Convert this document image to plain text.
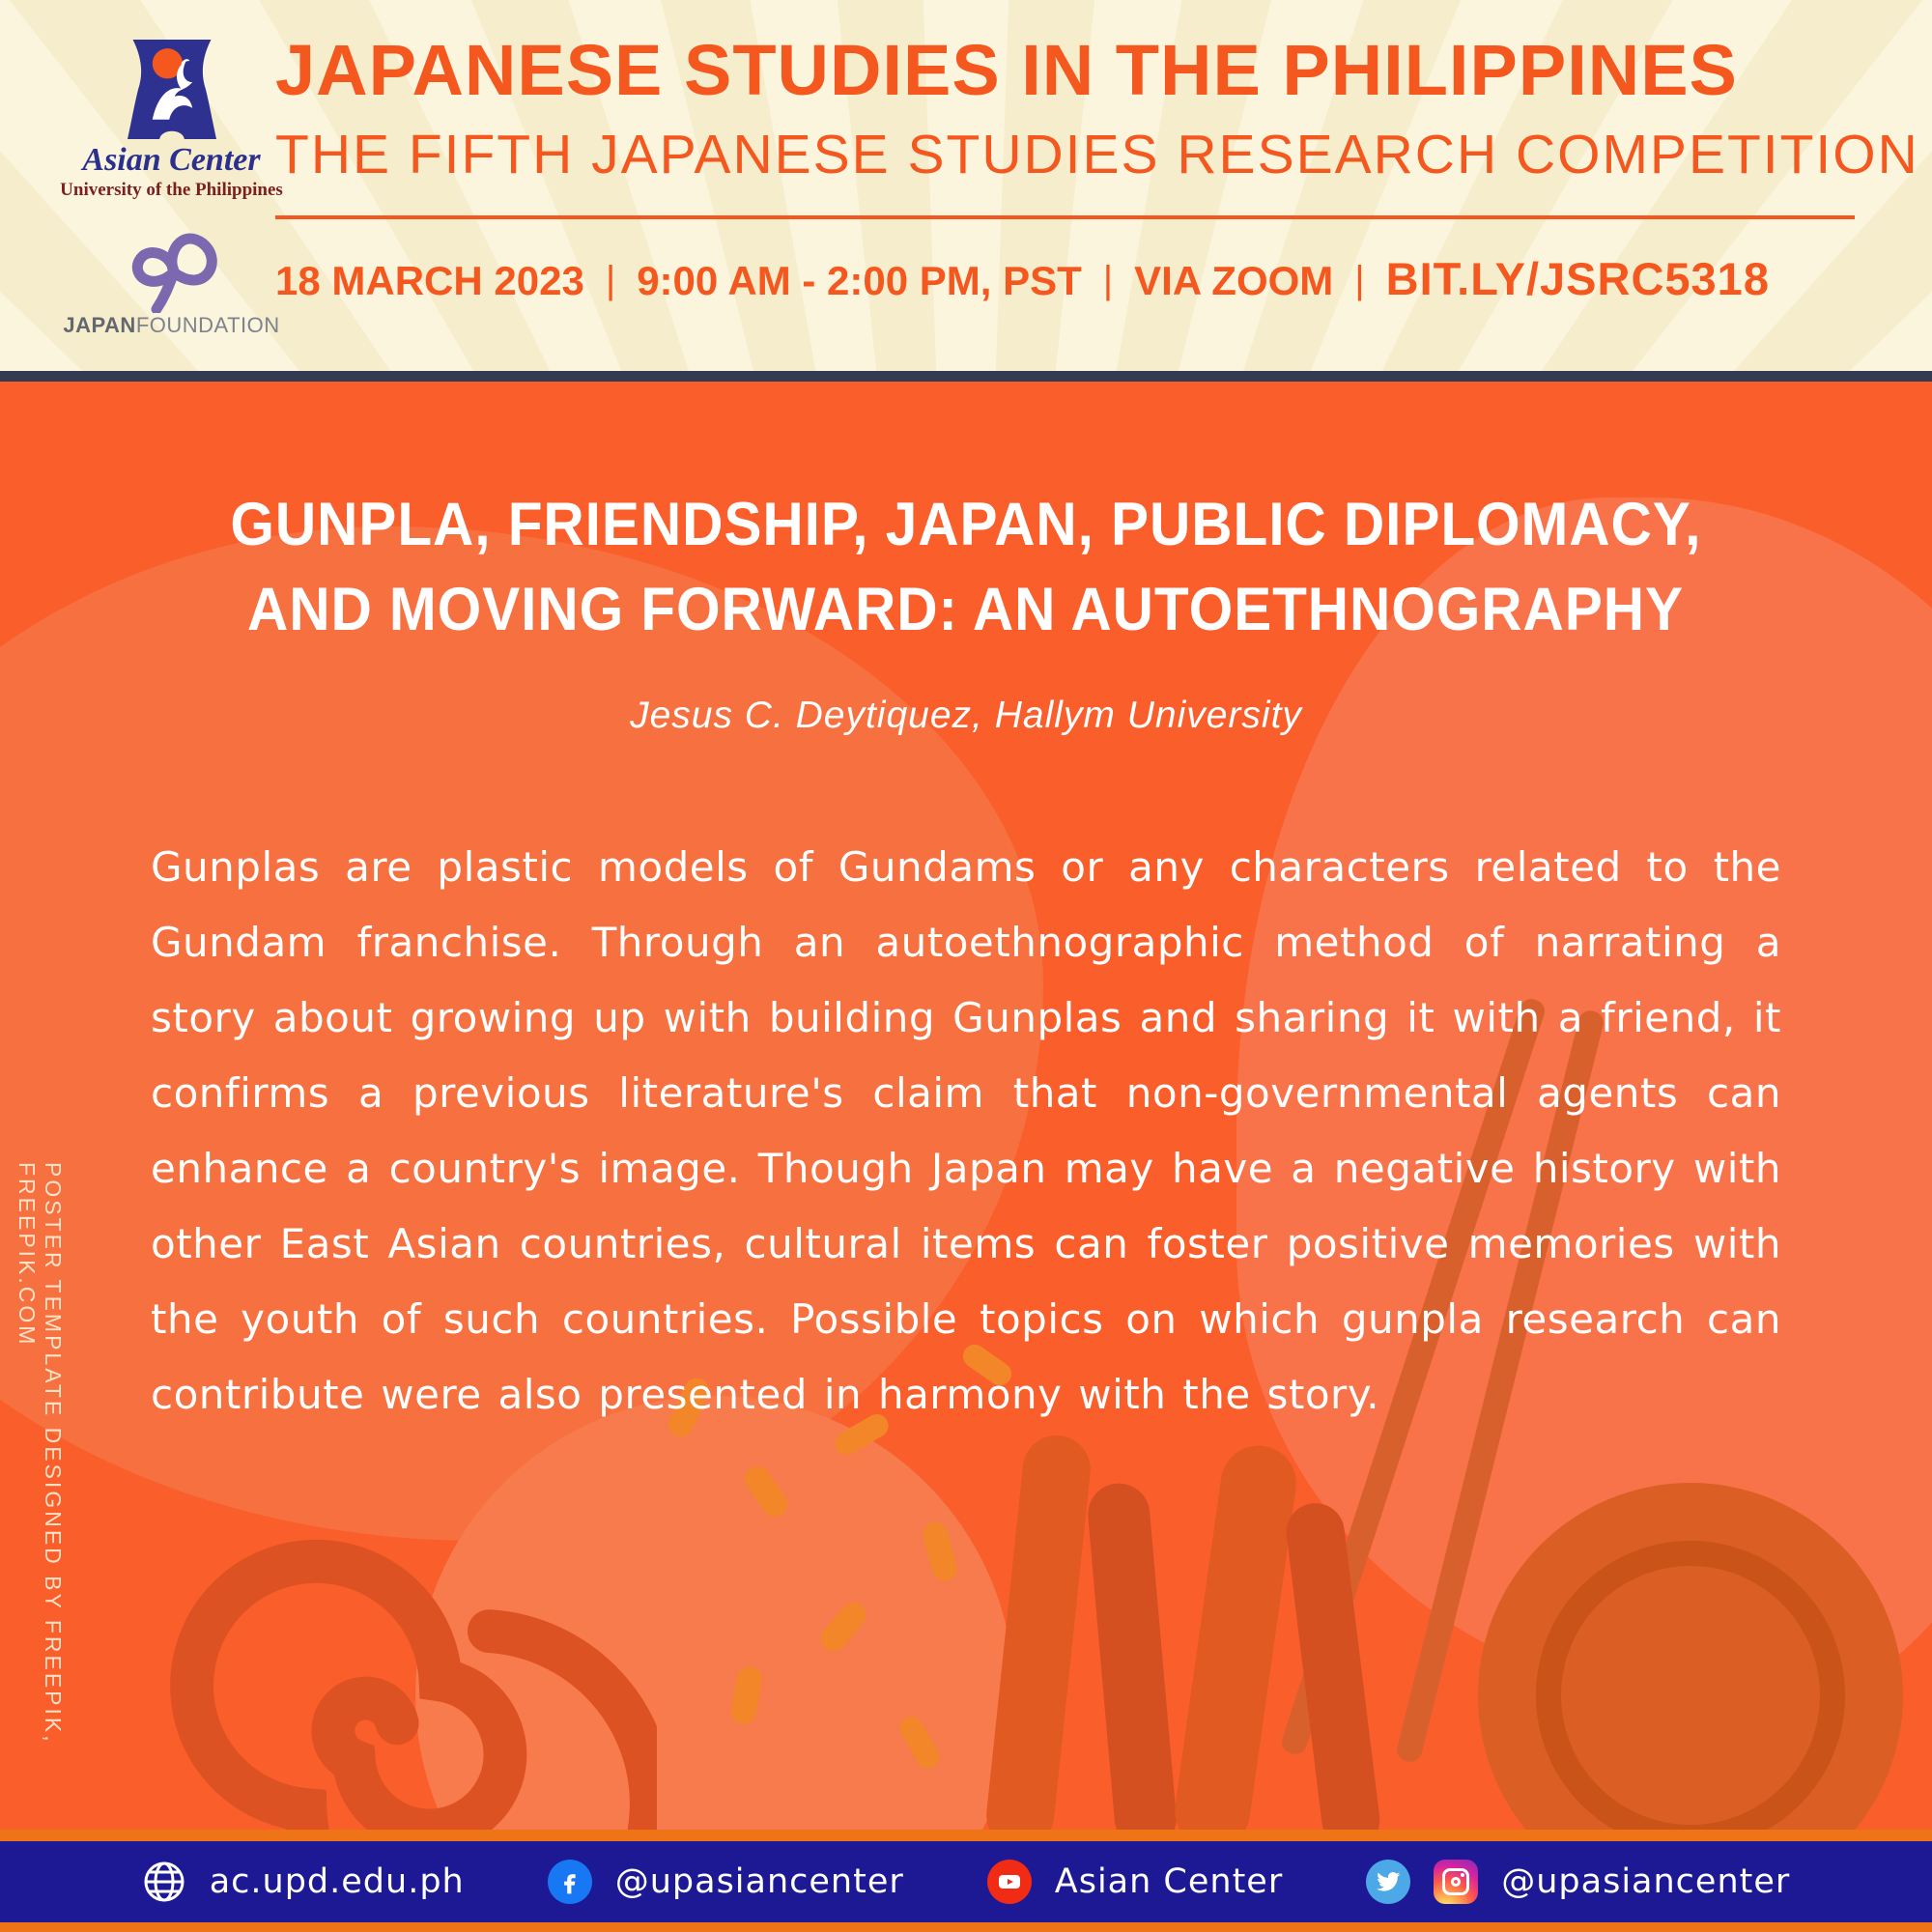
Asian Center
University of the Philippines
JAPANFOUNDATION
JAPANESE STUDIES IN THE PHILIPPINES
THE FIFTH JAPANESE STUDIES RESEARCH COMPETITION
18 MARCH 2023 | 9:00 AM - 2:00 PM, PST | VIA ZOOM | BIT.LY/JSRC5318
POSTER TEMPLATE DESIGNED BY FREEPIK, FREEPIK.COM
GUNPLA, FRIENDSHIP, JAPAN, PUBLIC DIPLOMACY,
AND MOVING FORWARD: AN AUTOETHNOGRAPHY
Jesus C. Deytiquez, Hallym University

Gunplas are plastic models of Gundams or any characters related to the Gundam franchise. Through an autoethnographic method of narrating a story about growing up with building Gunplas and sharing it with a friend, it confirms a previous literature's claim that non-governmental agents can enhance a country's image. Though Japan may have a negative history with other East Asian countries, cultural items can foster positive memories with the youth of such countries. Possible topics on which gunpla research can contribute were also presented in harmony with the story.

ac.upd.edu.ph	@upasiancenter	Asian Center	@upasiancenter
